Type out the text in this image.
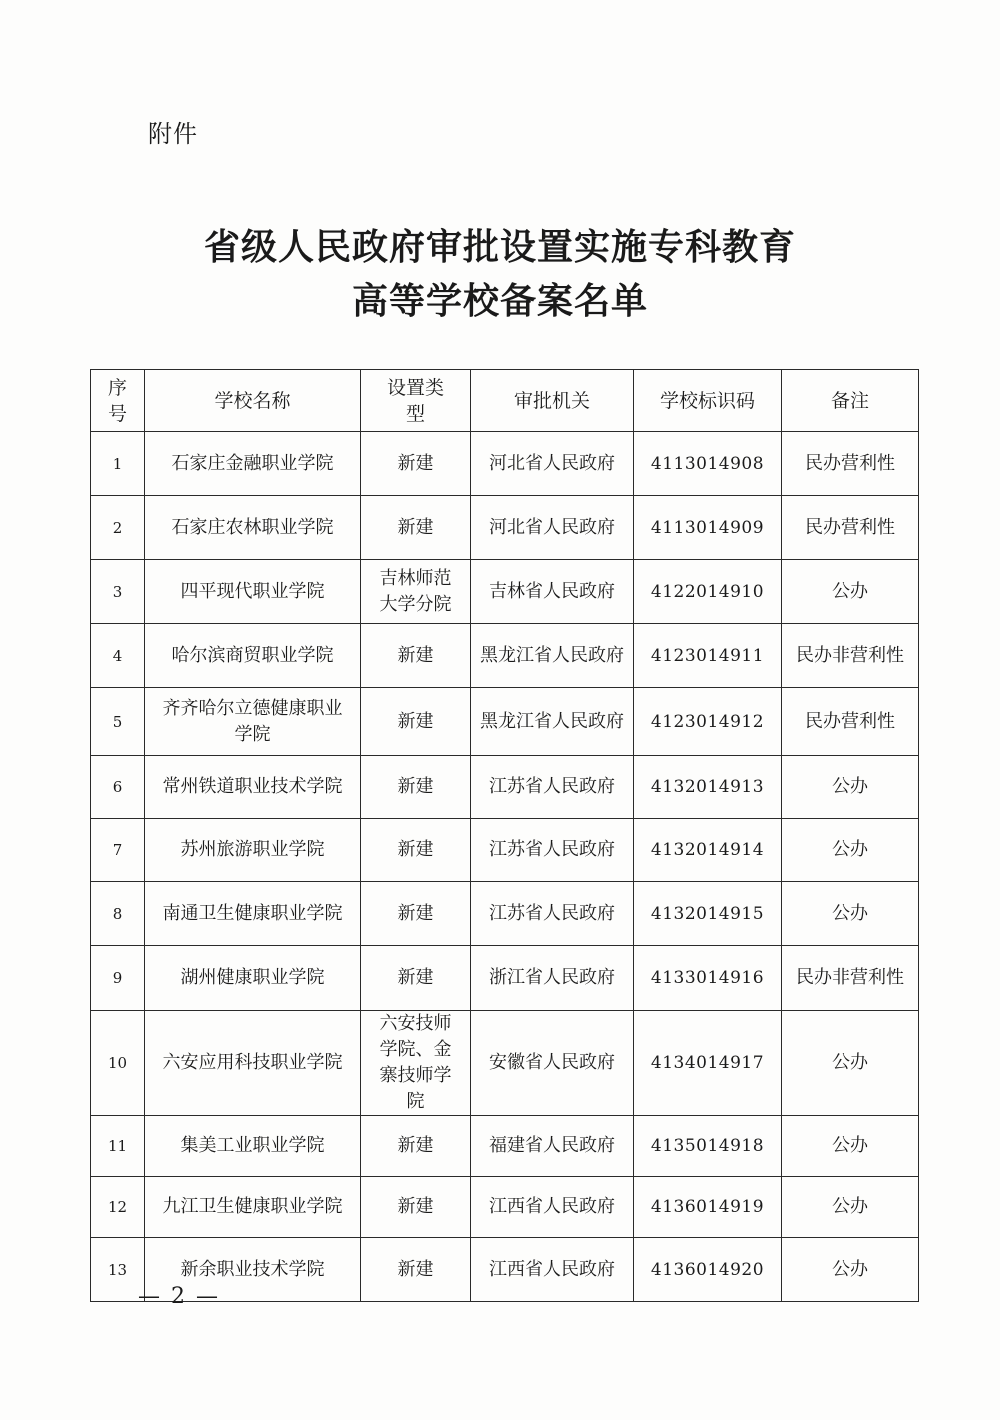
附件
省级人民政府审批设置实施专科教育
高等学校备案名单
序号	学校名称	设置类型	审批机关	学校标识码	备注
1	石家庄金融职业学院	新建	河北省人民政府	4113014908	民办营利性
2	石家庄农林职业学院	新建	河北省人民政府	4113014909	民办营利性
3	四平现代职业学院	吉林师范大学分院	吉林省人民政府	4122014910	公办
4	哈尔滨商贸职业学院	新建	黑龙江省人民政府	4123014911	民办非营利性
5	齐齐哈尔立德健康职业学院	新建	黑龙江省人民政府	4123014912	民办营利性
6	常州铁道职业技术学院	新建	江苏省人民政府	4132014913	公办
7	苏州旅游职业学院	新建	江苏省人民政府	4132014914	公办
8	南通卫生健康职业学院	新建	江苏省人民政府	4132014915	公办
9	湖州健康职业学院	新建	浙江省人民政府	4133014916	民办非营利性
10	六安应用科技职业学院	六安技师学院、金寨技师学院	安徽省人民政府	4134014917	公办
11	集美工业职业学院	新建	福建省人民政府	4135014918	公办
12	九江卫生健康职业学院	新建	江西省人民政府	4136014919	公办
13	新余职业技术学院	新建	江西省人民政府	4136014920	公办
— 2 —
